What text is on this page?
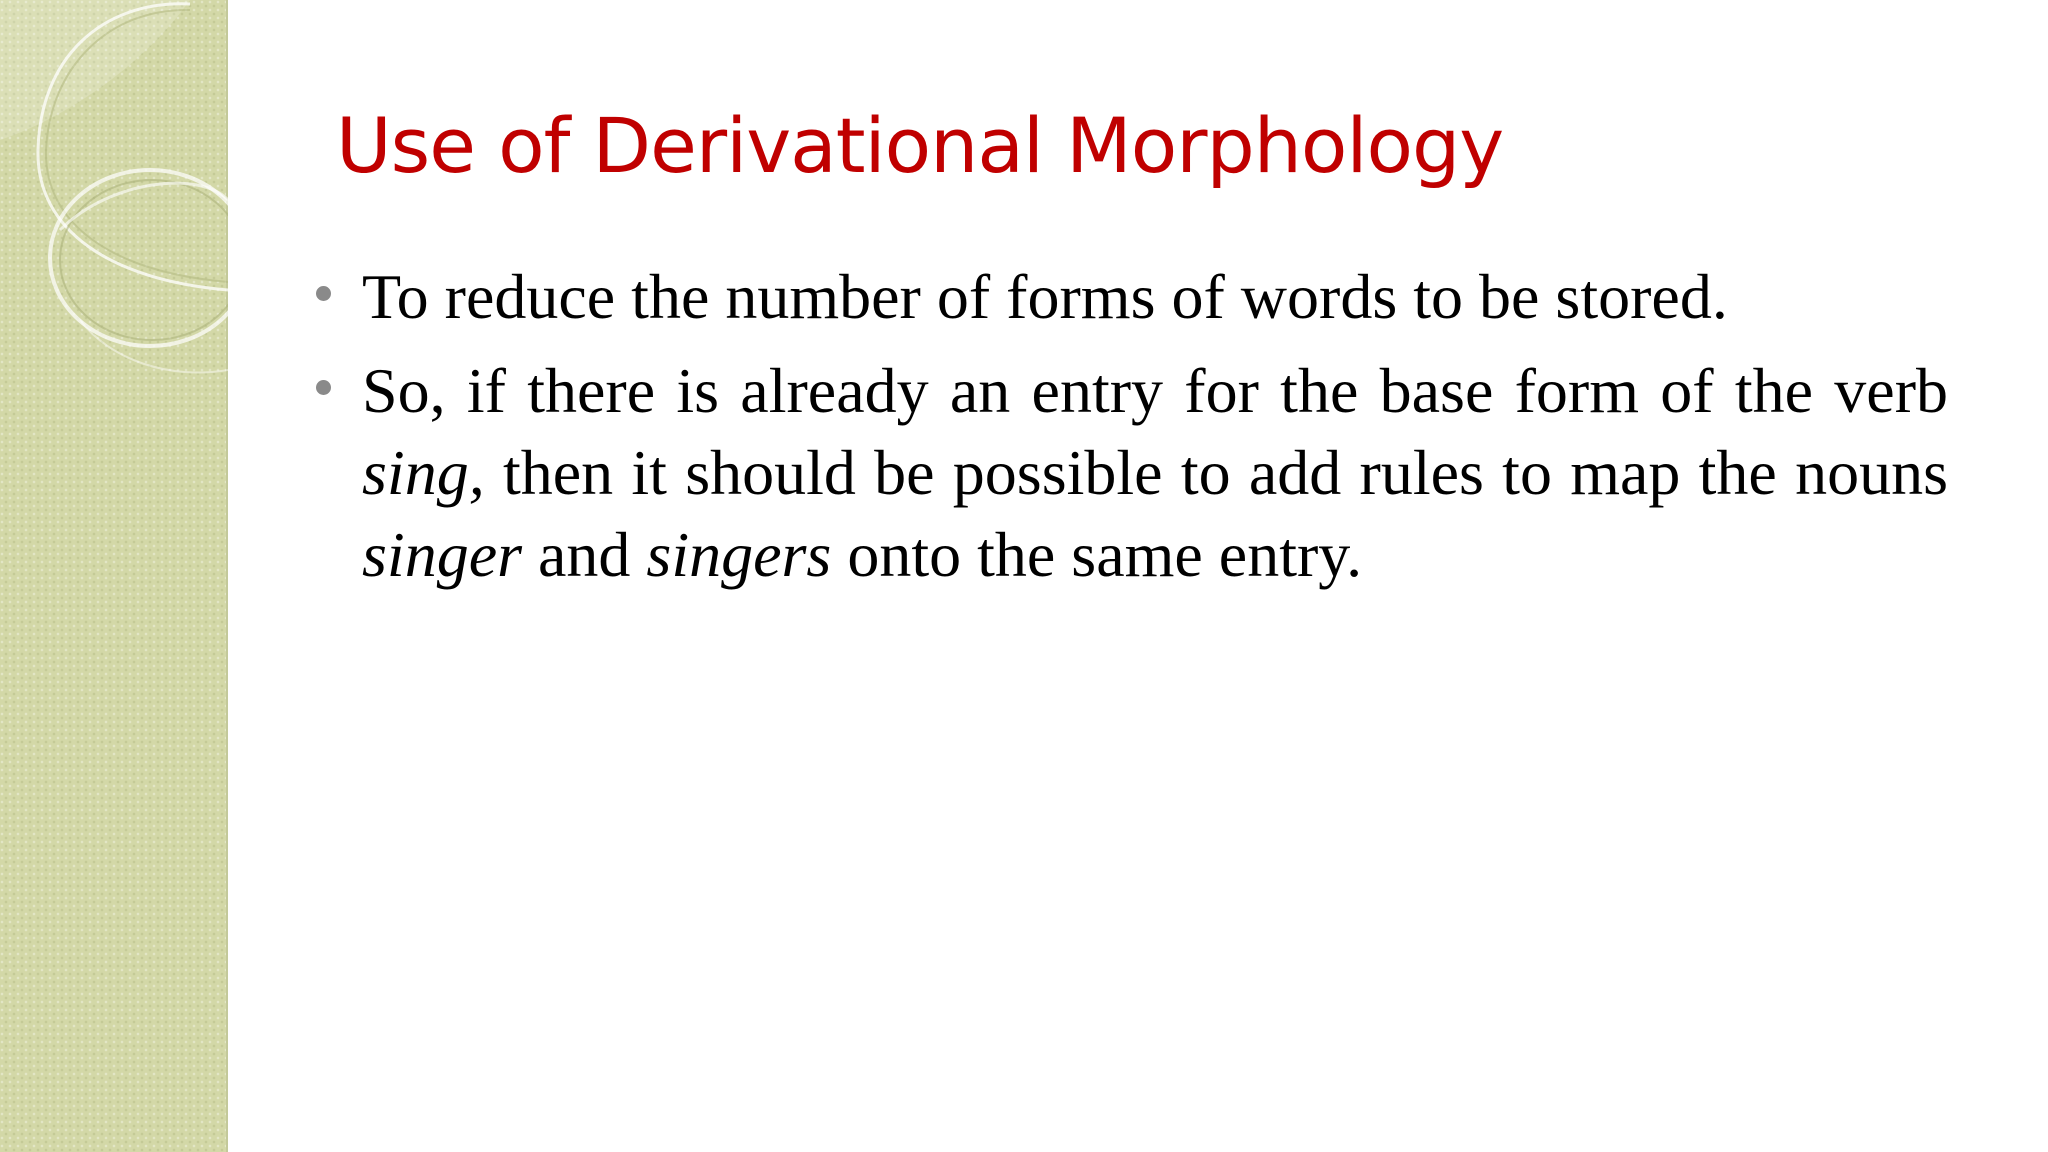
Use of Derivational Morphology
To reduce the number of forms of words to be stored.
So, if there is already an entry for the base form of the verb sing, then it should be possible to add rules to map the nouns singer and singers onto the same entry.
